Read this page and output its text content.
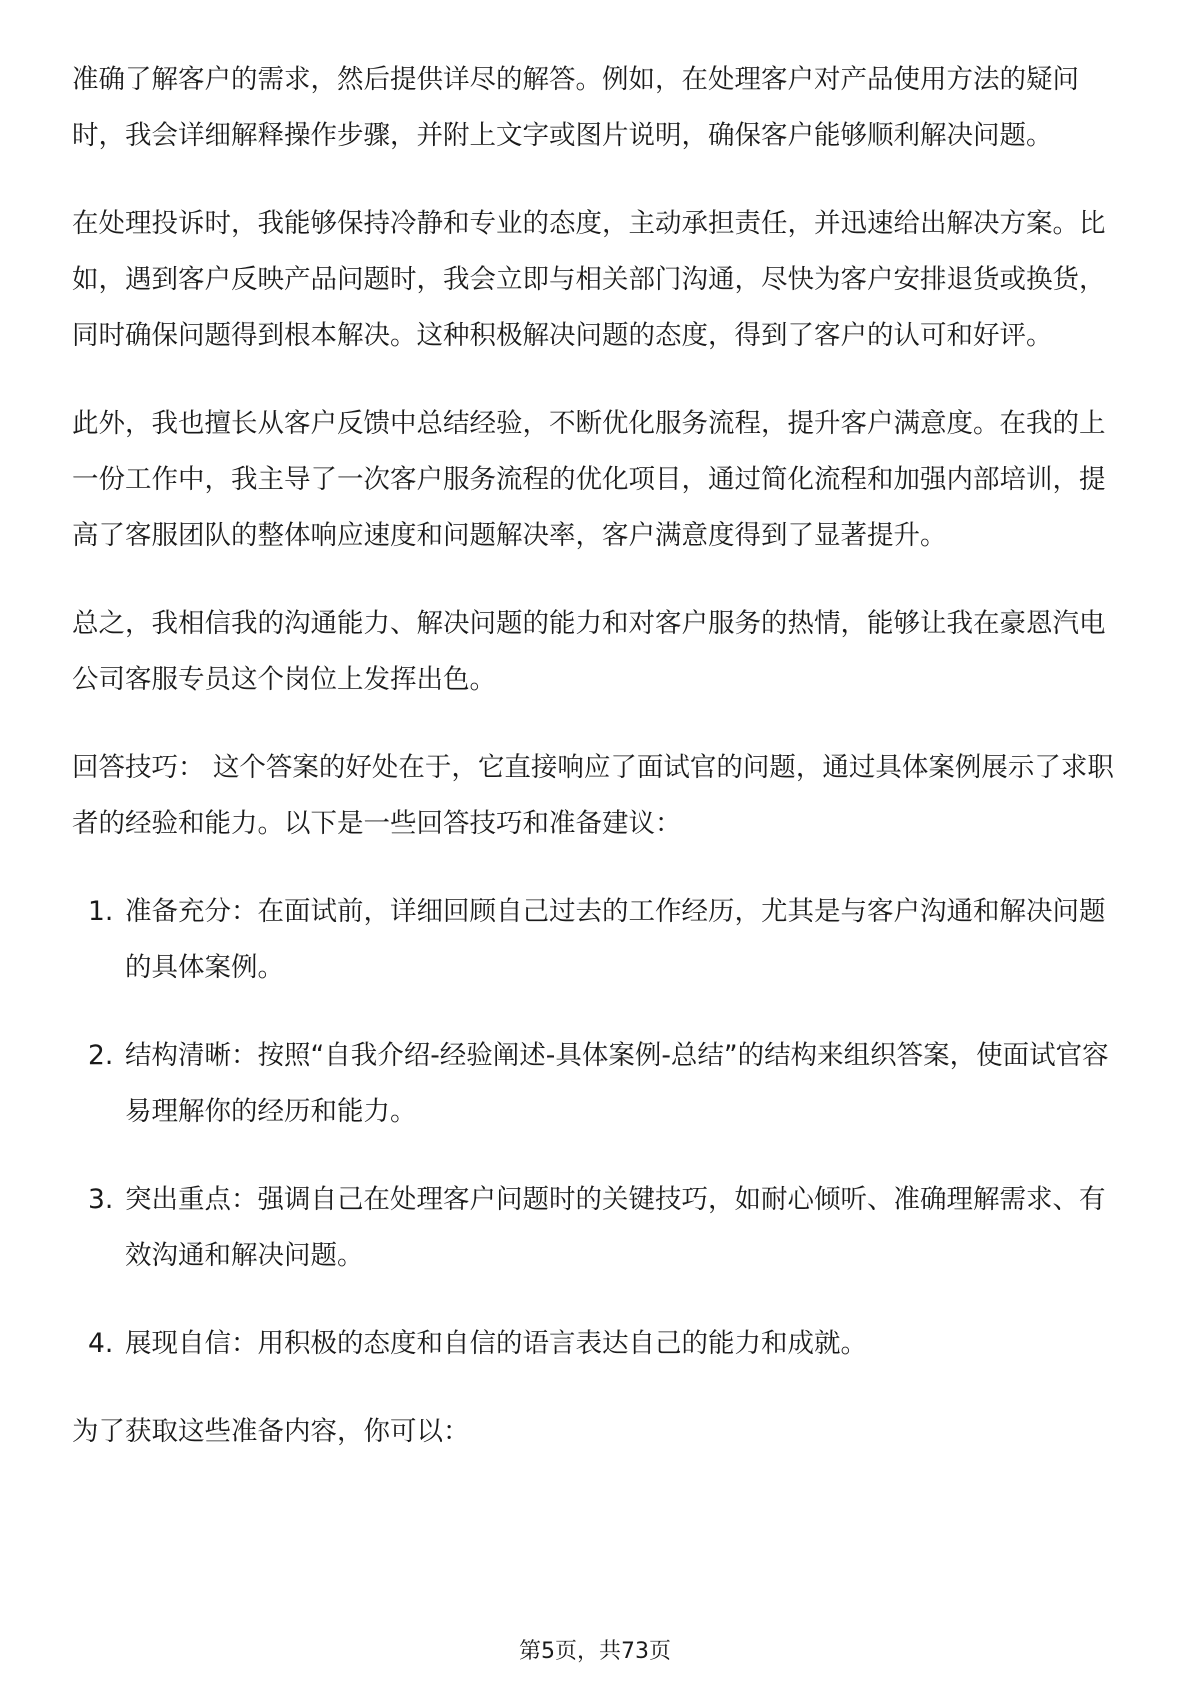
准确了解客户的需求，然后提供详尽的解答。例如，在处理客户对产品使用方法的疑问时，我会详细解释操作步骤，并附上文字或图片说明，确保客户能够顺利解决问题。

在处理投诉时，我能够保持冷静和专业的态度，主动承担责任，并迅速给出解决方案。比如，遇到客户反映产品问题时，我会立即与相关部门沟通，尽快为客户安排退货或换货，同时确保问题得到根本解决。这种积极解决问题的态度，得到了客户的认可和好评。

此外，我也擅长从客户反馈中总结经验，不断优化服务流程，提升客户满意度。在我的上一份工作中，我主导了一次客户服务流程的优化项目，通过简化流程和加强内部培训，提高了客服团队的整体响应速度和问题解决率，客户满意度得到了显著提升。

总之，我相信我的沟通能力、解决问题的能力和对客户服务的热情，能够让我在豪恩汽电公司客服专员这个岗位上发挥出色。

回答技巧： 这个答案的好处在于，它直接响应了面试官的问题，通过具体案例展示了求职者的经验和能力。以下是一些回答技巧和准备建议：

1. 准备充分：在面试前，详细回顾自己过去的工作经历，尤其是与客户沟通和解决问题的具体案例。
2. 结构清晰：按照“自我介绍-经验阐述-具体案例-总结”的结构来组织答案，使面试官容易理解你的经历和能力。
3. 突出重点：强调自己在处理客户问题时的关键技巧，如耐心倾听、准确理解需求、有效沟通和解决问题。
4. 展现自信：用积极的态度和自信的语言表达自己的能力和成就。

为了获取这些准备内容，你可以：

第5页，共73页
